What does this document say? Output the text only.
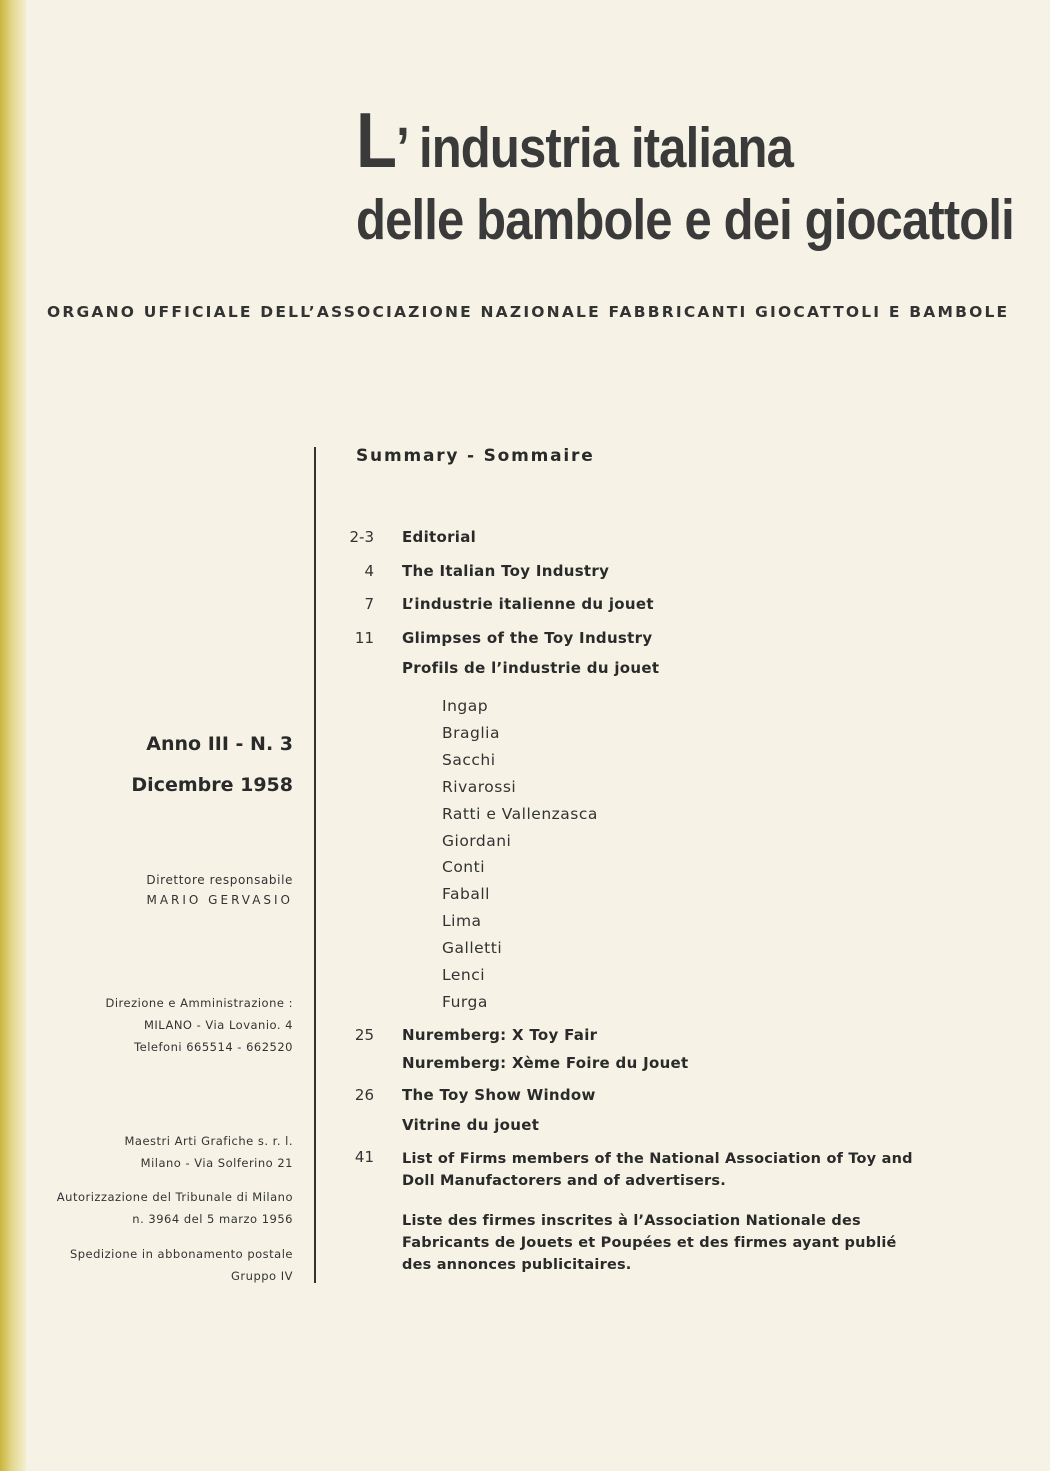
L’ industria italiana
delle bambole e dei giocattoli
ORGANO UFFICIALE DELL’ASSOCIAZIONE NAZIONALE FABBRICANTI GIOCATTOLI E BAMBOLE
Anno III - N. 3
Dicembre 1958
Direttore responsabile
MARIO GERVASIO
Direzione e Amministrazione :
MILANO - Via Lovanio. 4
Telefoni 665514 - 662520
Maestri Arti Grafiche s. r. l.
Milano - Via Solferino 21
Autorizzazione del Tribunale di Milano
n. 3964 del 5 marzo 1956
Spedizione in abbonamento postale
Gruppo IV
Summary - Sommaire
2-3 Editorial
4 The Italian Toy Industry
7 L’industrie italienne du jouet
11 Glimpses of the Toy Industry
Profils de l’industrie du jouet
Ingap
Braglia
Sacchi
Rivarossi
Ratti e Vallenzasca
Giordani
Conti
Faball
Lima
Galletti
Lenci
Furga
25 Nuremberg: X Toy Fair
Nuremberg: Xème Foire du Jouet
26 The Toy Show Window
Vitrine du jouet
41 List of Firms members of the National Association of Toy and Doll Manufactorers and of advertisers.
Liste des firmes inscrites à l’Association Nationale des Fabricants de Jouets et Poupées et des firmes ayant publié des annonces publicitaires.
